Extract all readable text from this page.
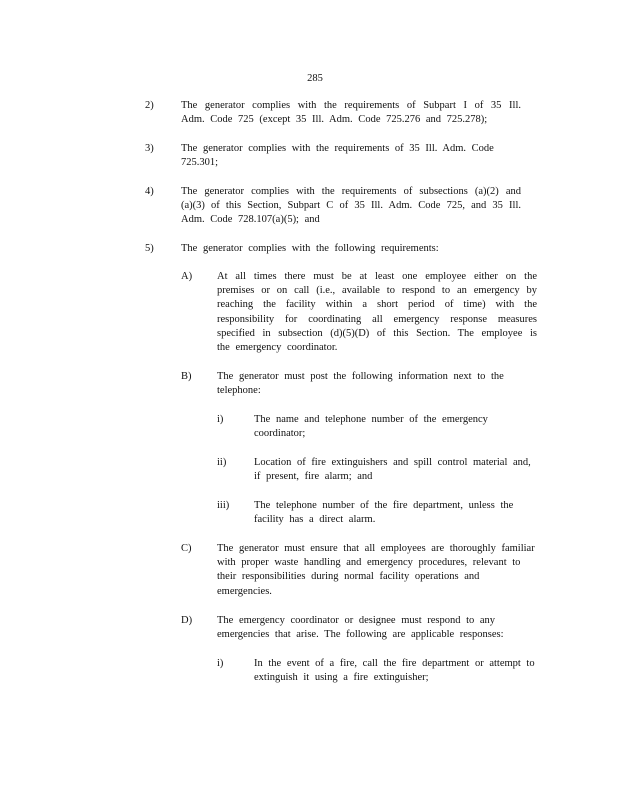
285
2)	The generator complies with the requirements of Subpart I of 35 Ill. Adm. Code 725 (except 35 Ill. Adm. Code 725.276 and 725.278);
3)	The generator complies with the requirements of 35 Ill. Adm. Code 725.301;
4)	The generator complies with the requirements of subsections (a)(2) and (a)(3) of this Section, Subpart C of 35 Ill. Adm. Code 725, and 35 Ill. Adm. Code 728.107(a)(5); and
5)	The generator complies with the following requirements:
A) At all times there must be at least one employee either on the premises or on call (i.e., available to respond to an emergency by reaching the facility within a short period of time) with the responsibility for coordinating all emergency response measures specified in subsection (d)(5)(D) of this Section. The employee is the emergency coordinator.
B) The generator must post the following information next to the telephone:
i)	The name and telephone number of the emergency coordinator;
ii)	Location of fire extinguishers and spill control material and, if present, fire alarm; and
iii) The telephone number of the fire department, unless the facility has a direct alarm.
C) The generator must ensure that all employees are thoroughly familiar with proper waste handling and emergency procedures, relevant to their responsibilities during normal facility operations and emergencies.
D) The emergency coordinator or designee must respond to any emergencies that arise. The following are applicable responses:
i)	In the event of a fire, call the fire department or attempt to extinguish it using a fire extinguisher;
